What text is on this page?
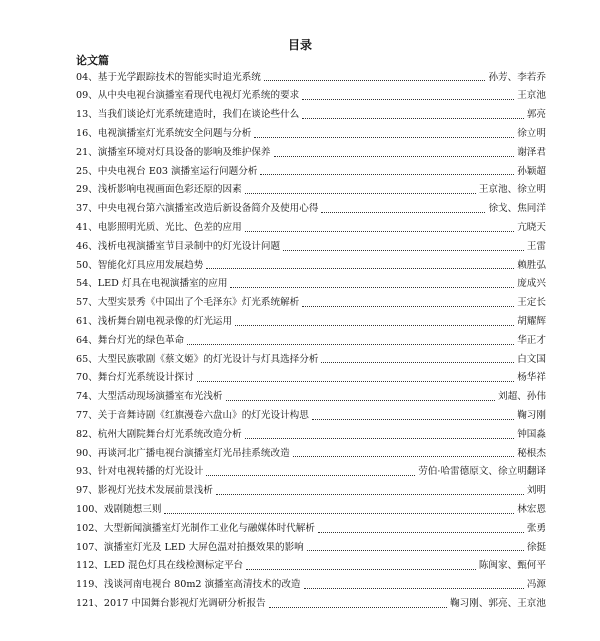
目录
论文篇
04、基于光学跟踪技术的智能实时追光系统	孙芳、李若乔
09、从中央电视台演播室看现代电视灯光系统的要求	王京池
13、当我们谈论灯光系统建造时，我们在谈论些什么	郭亮
16、电视演播室灯光系统安全问题与分析	徐立明
21、演播室环境对灯具设备的影响及维护保养	谢泽君
25、中央电视台 E03 演播室运行问题分析	孙颖超
29、浅析影响电视画面色彩还原的因素	王京池、徐立明
37、中央电视台第六演播室改造后新设备简介及使用心得	徐戈、焦同洋
41、电影照明光质、光比、色差的应用	亢晓天
46、浅析电视演播室节目录制中的灯光设计问题	王雷
50、智能化灯具应用发展趋势	赖胜弘
54、LED 灯具在电视演播室的应用	庞成兴
57、大型实景秀《中国出了个毛泽东》灯光系统解析	王定长
61、浅析舞台剧电视录像的灯光运用	胡耀辉
64、舞台灯光的绿色革命	华正才
65、大型民族歌剧《蔡文姬》的灯光设计与灯具选择分析	白文国
70、舞台灯光系统设计探讨	杨华祥
74、大型活动现场演播室布光浅析	刘超、孙伟
77、关于音舞诗剧《红旗漫卷六盘山》的灯光设计构思	鞠习刚
82、杭州大剧院舞台灯光系统改造分析	钟国淼
90、再谈河北广播电视台演播室灯光吊挂系统改造	秘根杰
93、针对电视转播的灯光设计	劳伯·哈雷德原文、徐立明翻译
97、影视灯光技术发展前景浅析	刘明
100、戏剧随想三则	林宏恩
102、大型新闻演播室灯光制作工业化与融媒体时代解析	张勇
107、演播室灯光及 LED 大屏色温对拍摄效果的影响	徐挺
112、LED 混色灯具在线检测标定平台	陈闽家、甄何平
119、浅谈河南电视台 80m2 演播室高清技术的改造	冯源
121、2017 中国舞台影视灯光调研分析报告	鞠习刚、郭亮、王京池
